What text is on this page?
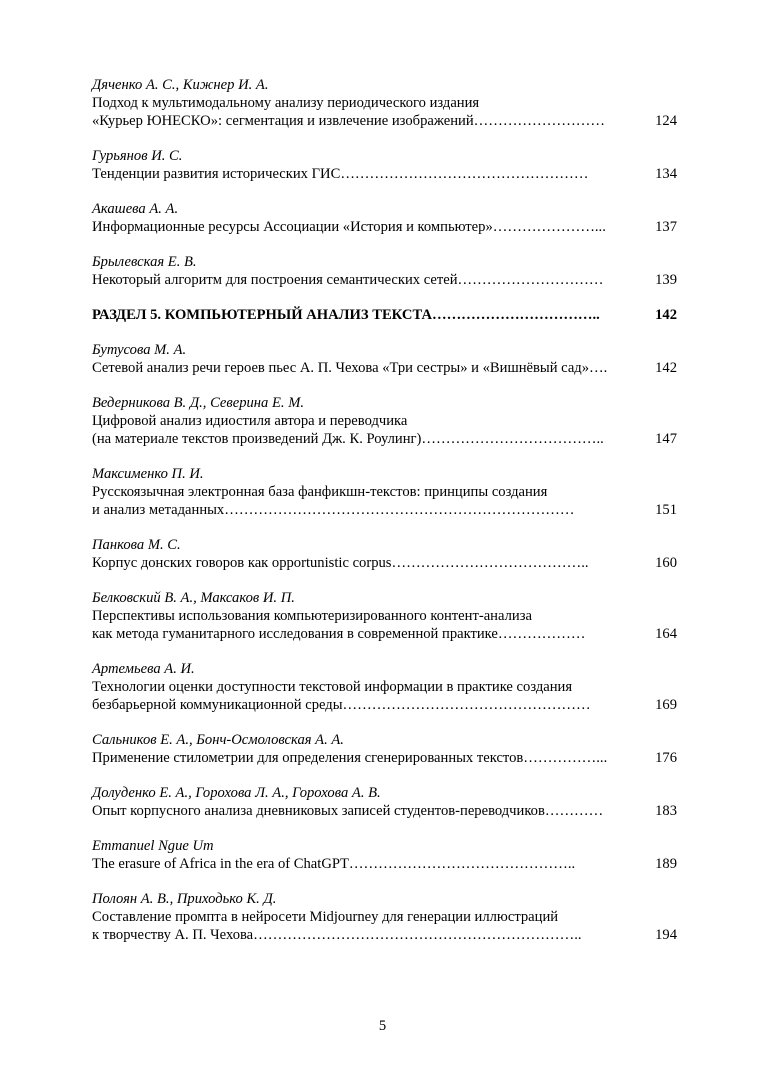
Дяченко А. С., Кижнер И. А.
Подход к мультимодальному анализу периодического издания
«Курьер ЮНЕСКО»: сегментация и извлечение изображений………………………	124
Гурьянов И. С.
Тенденции развития исторических ГИС……………………………………………	134
Акашева А. А.
Информационные ресурсы Ассоциации «История и компьютер»…………………...	137
Брылевская Е. В.
Некоторый алгоритм для построения семантических сетей…………………………	139
РАЗДЕЛ 5. КОМПЬЮТЕРНЫЙ АНАЛИЗ ТЕКСТА……………………………..	142
Бутусова М. А.
Сетевой анализ речи героев пьес А. П. Чехова «Три сестры» и «Вишнёвый сад»….	142
Ведерникова В. Д., Северина Е. М.
Цифровой анализ идиостиля автора и переводчика
(на материале текстов произведений Дж. К. Роулинг)………………………………..	147
Максименко П. И.
Русскоязычная электронная база фанфикшн-текстов: принципы создания
и анализ метаданных………………………………………………………………	151
Панкова М. С.
Корпус донских говоров как opportunistic corpus…………………………………..	160
Белковский В. А., Максаков И. П.
Перспективы использования компьютеризированного контент-анализа
как метода гуманитарного исследования в современной практике………………	164
Артемьева А. И.
Технологии оценки доступности текстовой информации в практике создания
безбарьерной коммуникационной среды……………………………………………	169
Сальников Е. А., Бонч-Осмоловская А. А.
Применение стилометрии для определения сгенерированных текстов……………...	176
Долуденко Е. А., Горохова Л. А., Горохова А. В.
Опыт корпусного анализа дневниковых записей студентов-переводчиков…………	183
Emmanuel Ngue Um
The erasure of Africa in the era of ChatGPT………………………………………..	189
Полоян А. В., Приходько К. Д.
Составление промпта в нейросети Midjourney для генерации иллюстраций
к творчеству А. П. Чехова…………………………………………………………..	194
5
